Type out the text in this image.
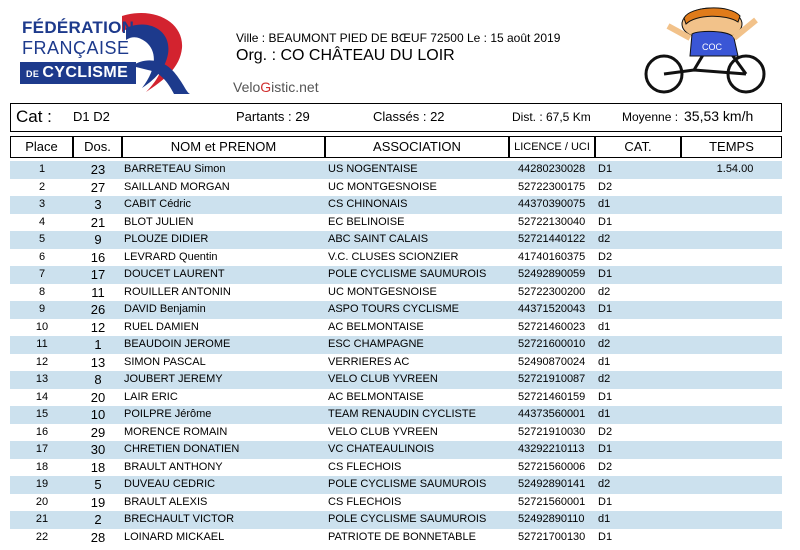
FÉDÉRATION
FRANÇAISE
DE CYCLISME
Ville : BEAUMONT PIED DE BŒUF 72500 Le : 15 août 2019
Org. : CO CHÂTEAU DU LOIR
VeloGistic.net
COC
Cat : D1 D2	Partants : 29	Classés : 22	Dist. : 67,5 Km	Moyenne : 35,53 km/h
Place	Dos.	NOM et PRENOM	ASSOCIATION	LICENCE / UCI	CAT.	TEMPS
1	23	BARRETEAU Simon	US NOGENTAISE	44280230028 D1	1.54.00
2	27	SAILLAND MORGAN	UC MONTGESNOISE	52722300175 D2
3	3	CABIT Cédric	CS CHINONAIS	44370390075 d1
4	21	BLOT JULIEN	EC BELINOISE	52722130040 D1
5	9	PLOUZE DIDIER	ABC SAINT CALAIS	52721440122 d2
6	16	LEVRARD Quentin	V.C. CLUSES SCIONZIER	41740160375 D2
7	17	DOUCET LAURENT	POLE CYCLISME SAUMUROIS	52492890059 D1
8	11	ROUILLER ANTONIN	UC MONTGESNOISE	52722300200 d2
9	26	DAVID Benjamin	ASPO TOURS CYCLISME	44371520043 D1
10	12	RUEL DAMIEN	AC BELMONTAISE	52721460023 d1
11	1	BEAUDOIN JEROME	ESC CHAMPAGNE	52721600010 d2
12	13	SIMON PASCAL	VERRIERES AC	52490870024 d1
13	8	JOUBERT JEREMY	VELO CLUB YVREEN	52721910087 d2
14	20	LAIR ERIC	AC BELMONTAISE	52721460159 D1
15	10	POILPRE Jérôme	TEAM RENAUDIN CYCLISTE	44373560001 d1
16	29	MORENCE ROMAIN	VELO CLUB YVREEN	52721910030 D2
17	30	CHRETIEN DONATIEN	VC CHATEAULINOIS	43292210113 D1
18	18	BRAULT ANTHONY	CS FLECHOIS	52721560006 D2
19	5	DUVEAU CEDRIC	POLE CYCLISME SAUMUROIS	52492890141 d2
20	19	BRAULT ALEXIS	CS FLECHOIS	52721560001 D1
21	2	BRECHAULT VICTOR	POLE CYCLISME SAUMUROIS	52492890110 d1
22	28	LOINARD MICKAEL	PATRIOTE DE BONNETABLE	52721700130 D1
